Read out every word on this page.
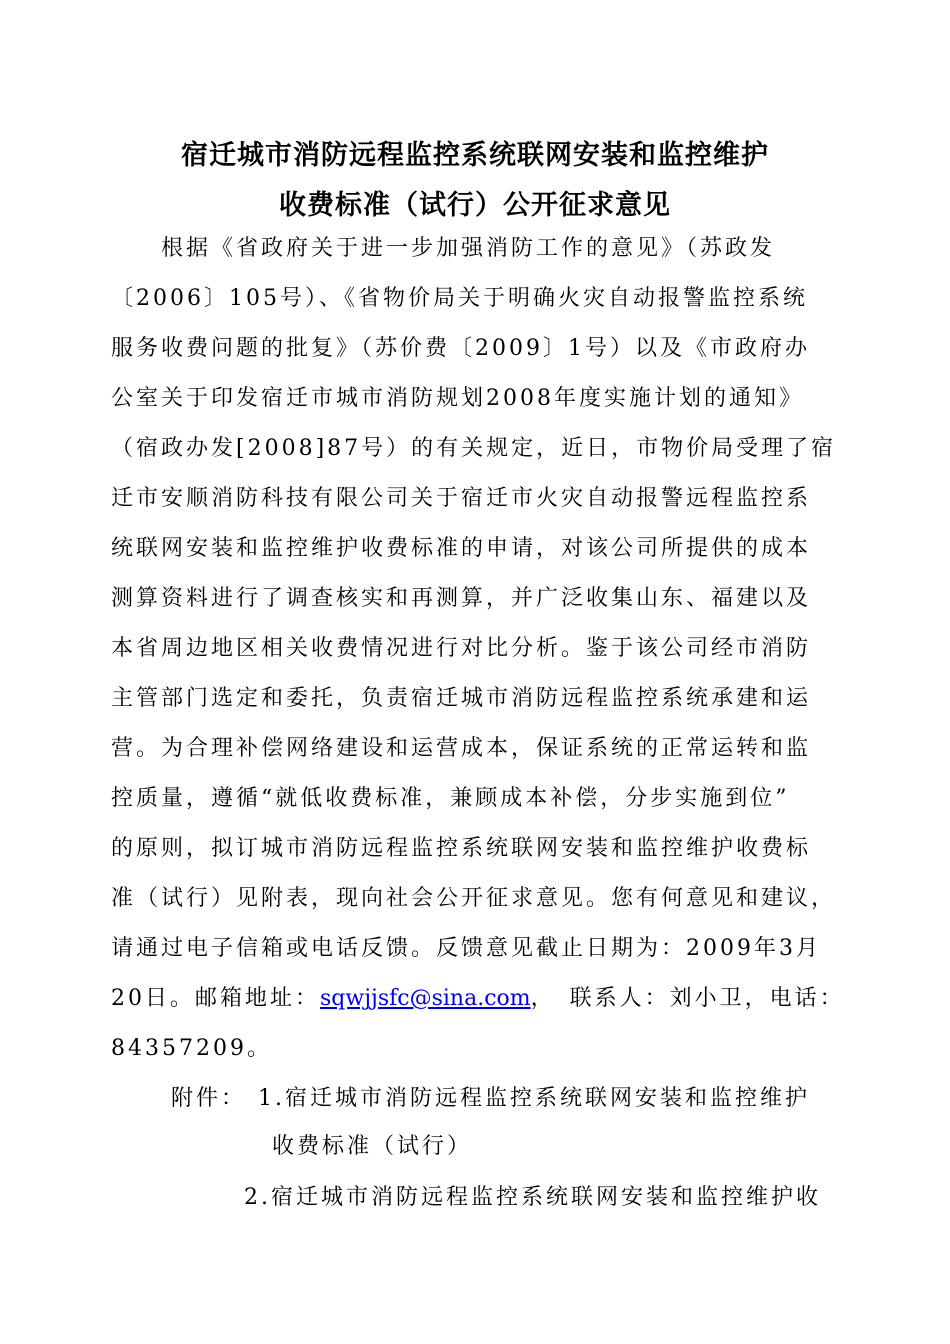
宿迁城市消防远程监控系统联网安装和监控维护
收费标准（试行）公开征求意见
　　根据《省政府关于进一步加强消防工作的意见》（苏政发
〔2006〕105号）、《省物价局关于明确火灾自动报警监控系统
服务收费问题的批复》（苏价费〔2009〕1号）以及《市政府办
公室关于印发宿迁市城市消防规划2008年度实施计划的通知》
（宿政办发[2008]87号）的有关规定，近日，市物价局受理了宿
迁市安顺消防科技有限公司关于宿迁市火灾自动报警远程监控系
统联网安装和监控维护收费标准的申请，对该公司所提供的成本
测算资料进行了调查核实和再测算，并广泛收集山东、福建以及
本省周边地区相关收费情况进行对比分析。鉴于该公司经市消防
主管部门选定和委托，负责宿迁城市消防远程监控系统承建和运
营。为合理补偿网络建设和运营成本，保证系统的正常运转和监
控质量，遵循“就低收费标准，兼顾成本补偿，分步实施到位”
的原则，拟订城市消防远程监控系统联网安装和监控维护收费标
准（试行）见附表，现向社会公开征求意见。您有何意见和建议，
请通过电子信箱或电话反馈。反馈意见截止日期为：2009年3月
20日。邮箱地址：sqwjjsfc@sina.com，　联系人：刘小卫，电话：
84357209。
附件： 1.宿迁城市消防远程监控系统联网安装和监控维护
收费标准（试行）
2.宿迁城市消防远程监控系统联网安装和监控维护收
